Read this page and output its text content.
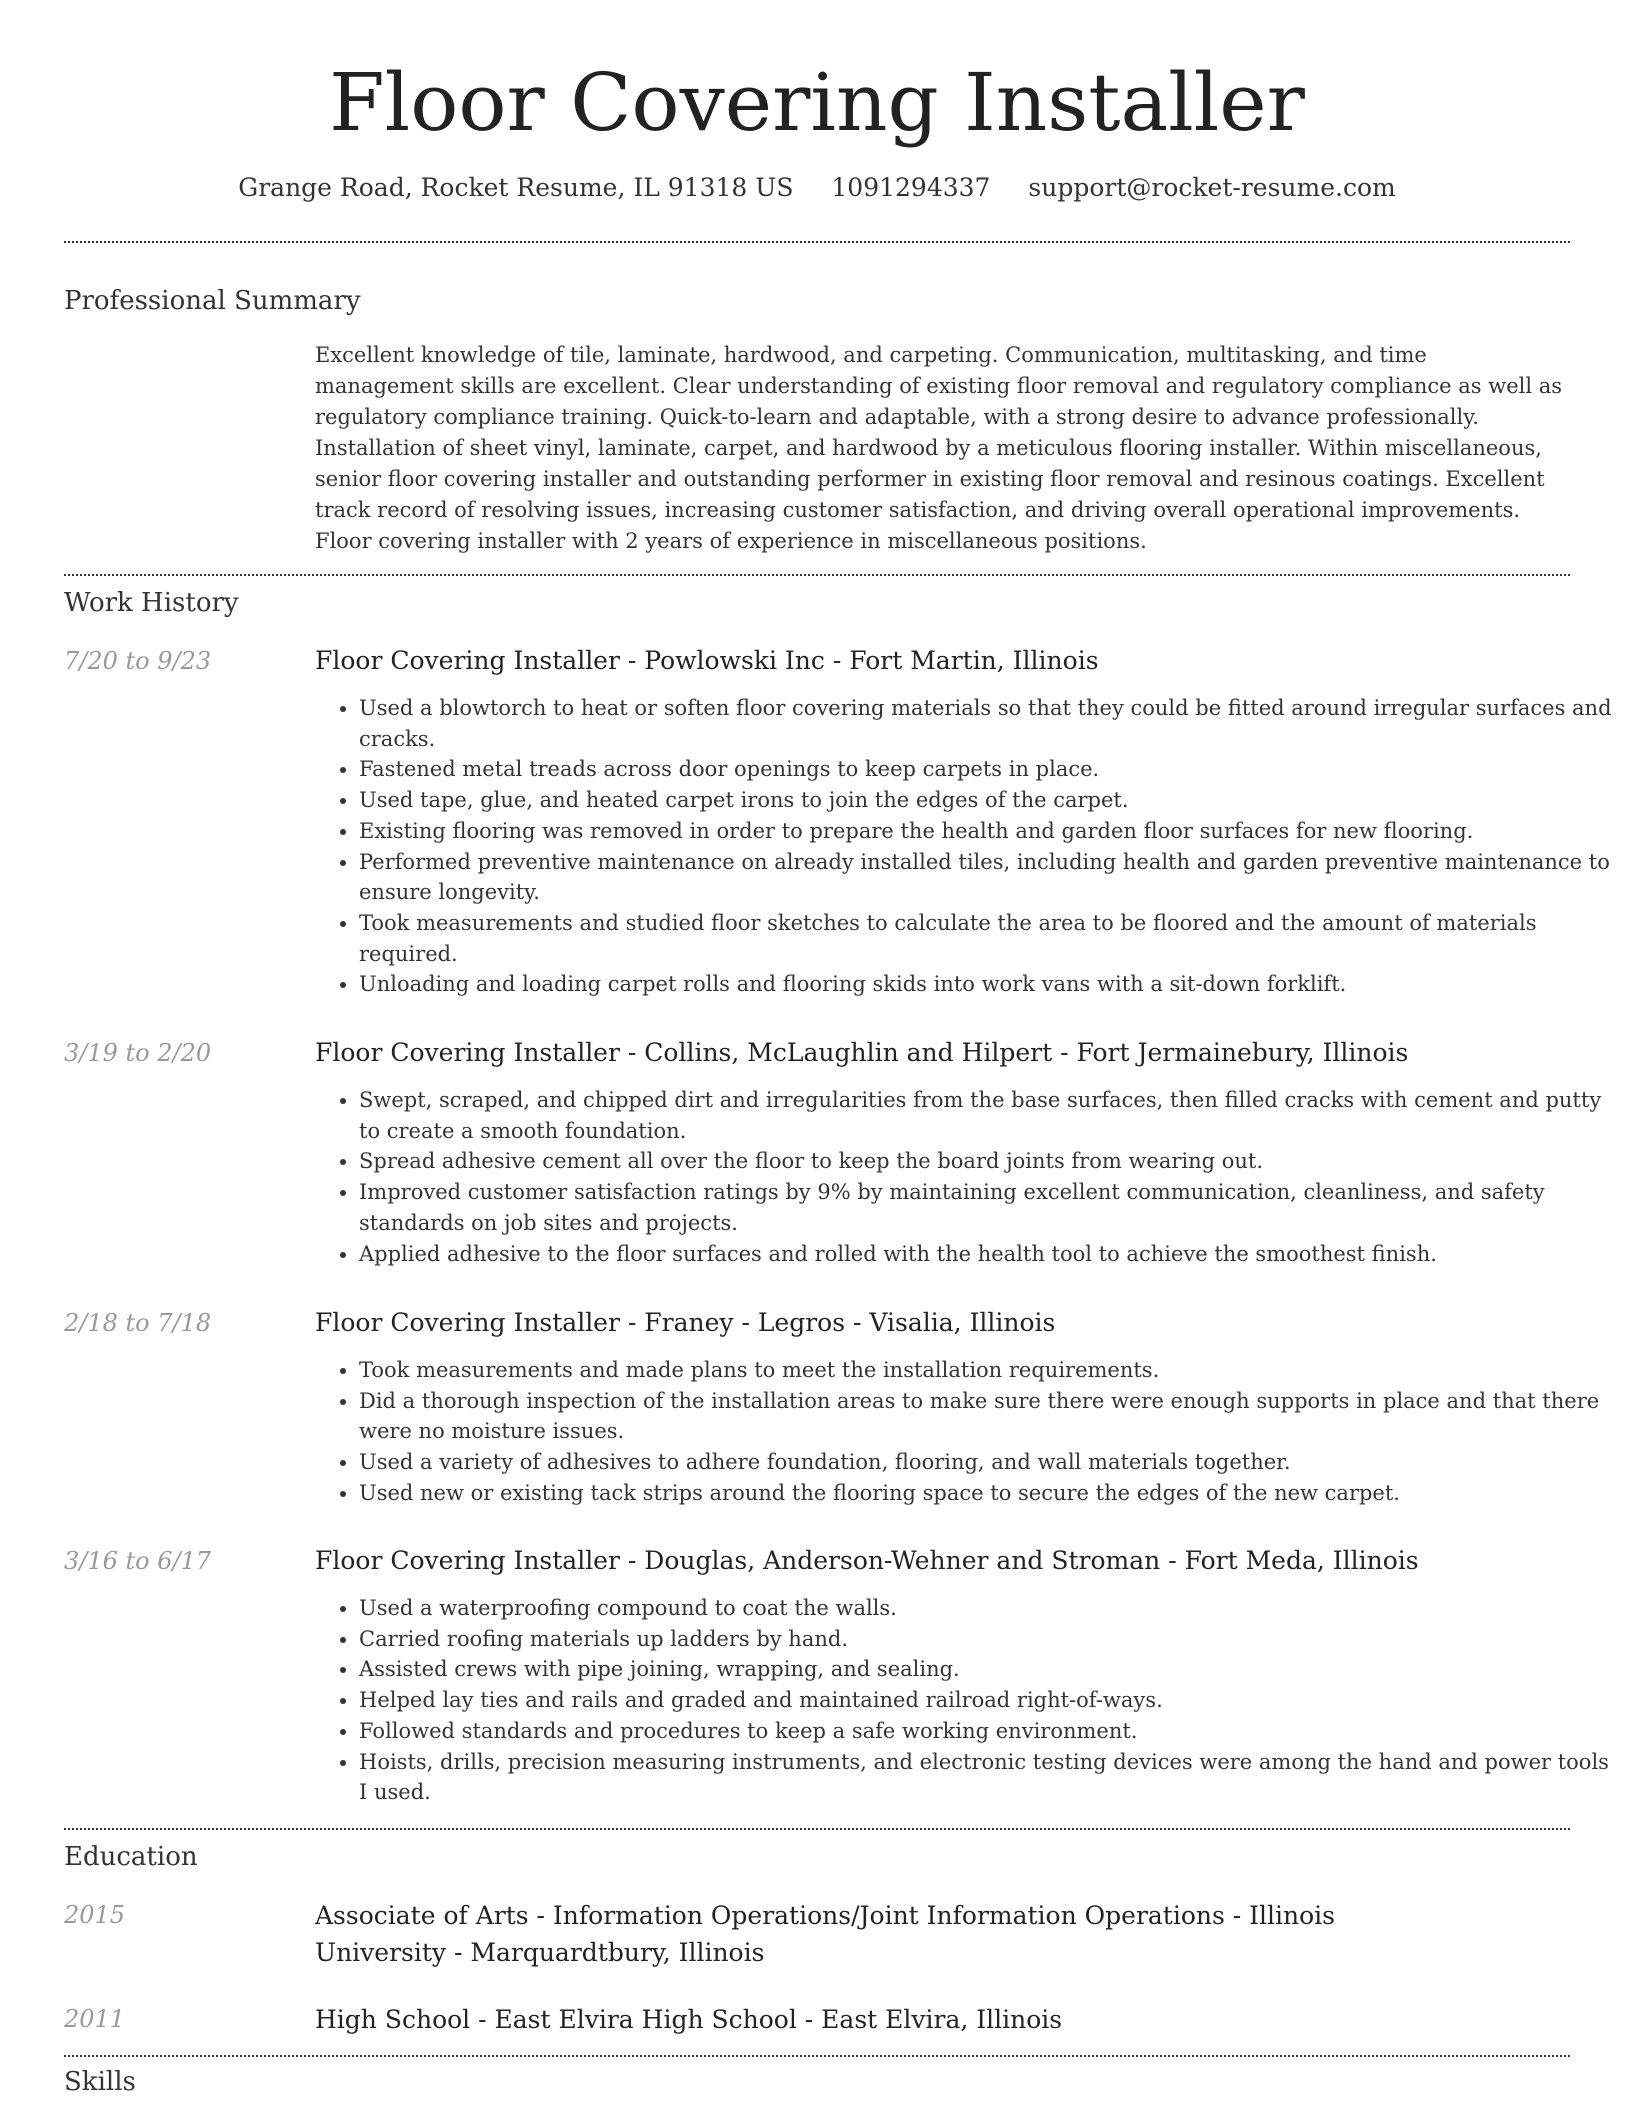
Floor Covering Installer
Grange Road, Rocket Resume, IL 91318 US 1091294337 support@rocket-resume.com
Professional Summary
Excellent knowledge of tile, laminate, hardwood, and carpeting. Communication, multitasking, and time management skills are excellent. Clear understanding of existing floor removal and regulatory compliance as well as regulatory compliance training. Quick-to-learn and adaptable, with a strong desire to advance professionally. Installation of sheet vinyl, laminate, carpet, and hardwood by a meticulous flooring installer. Within miscellaneous, senior floor covering installer and outstanding performer in existing floor removal and resinous coatings. Excellent track record of resolving issues, increasing customer satisfaction, and driving overall operational improvements. Floor covering installer with 2 years of experience in miscellaneous positions.
Work History
7/20 to 9/23	Floor Covering Installer - Powlowski Inc - Fort Martin, Illinois
• Used a blowtorch to heat or soften floor covering materials so that they could be fitted around irregular surfaces and cracks.
• Fastened metal treads across door openings to keep carpets in place.
• Used tape, glue, and heated carpet irons to join the edges of the carpet.
• Existing flooring was removed in order to prepare the health and garden floor surfaces for new flooring.
• Performed preventive maintenance on already installed tiles, including health and garden preventive maintenance to ensure longevity.
• Took measurements and studied floor sketches to calculate the area to be floored and the amount of materials required.
• Unloading and loading carpet rolls and flooring skids into work vans with a sit-down forklift.
3/19 to 2/20	Floor Covering Installer - Collins, McLaughlin and Hilpert - Fort Jermainebury, Illinois
• Swept, scraped, and chipped dirt and irregularities from the base surfaces, then filled cracks with cement and putty to create a smooth foundation.
• Spread adhesive cement all over the floor to keep the board joints from wearing out.
• Improved customer satisfaction ratings by 9% by maintaining excellent communication, cleanliness, and safety standards on job sites and projects.
• Applied adhesive to the floor surfaces and rolled with the health tool to achieve the smoothest finish.
2/18 to 7/18	Floor Covering Installer - Franey - Legros - Visalia, Illinois
• Took measurements and made plans to meet the installation requirements.
• Did a thorough inspection of the installation areas to make sure there were enough supports in place and that there were no moisture issues.
• Used a variety of adhesives to adhere foundation, flooring, and wall materials together.
• Used new or existing tack strips around the flooring space to secure the edges of the new carpet.
3/16 to 6/17	Floor Covering Installer - Douglas, Anderson-Wehner and Stroman - Fort Meda, Illinois
• Used a waterproofing compound to coat the walls.
• Carried roofing materials up ladders by hand.
• Assisted crews with pipe joining, wrapping, and sealing.
• Helped lay ties and rails and graded and maintained railroad right-of-ways.
• Followed standards and procedures to keep a safe working environment.
• Hoists, drills, precision measuring instruments, and electronic testing devices were among the hand and power tools I used.
Education
2015	Associate of Arts - Information Operations/Joint Information Operations - Illinois University - Marquardtbury, Illinois
2011	High School - East Elvira High School - East Elvira, Illinois
Skills
